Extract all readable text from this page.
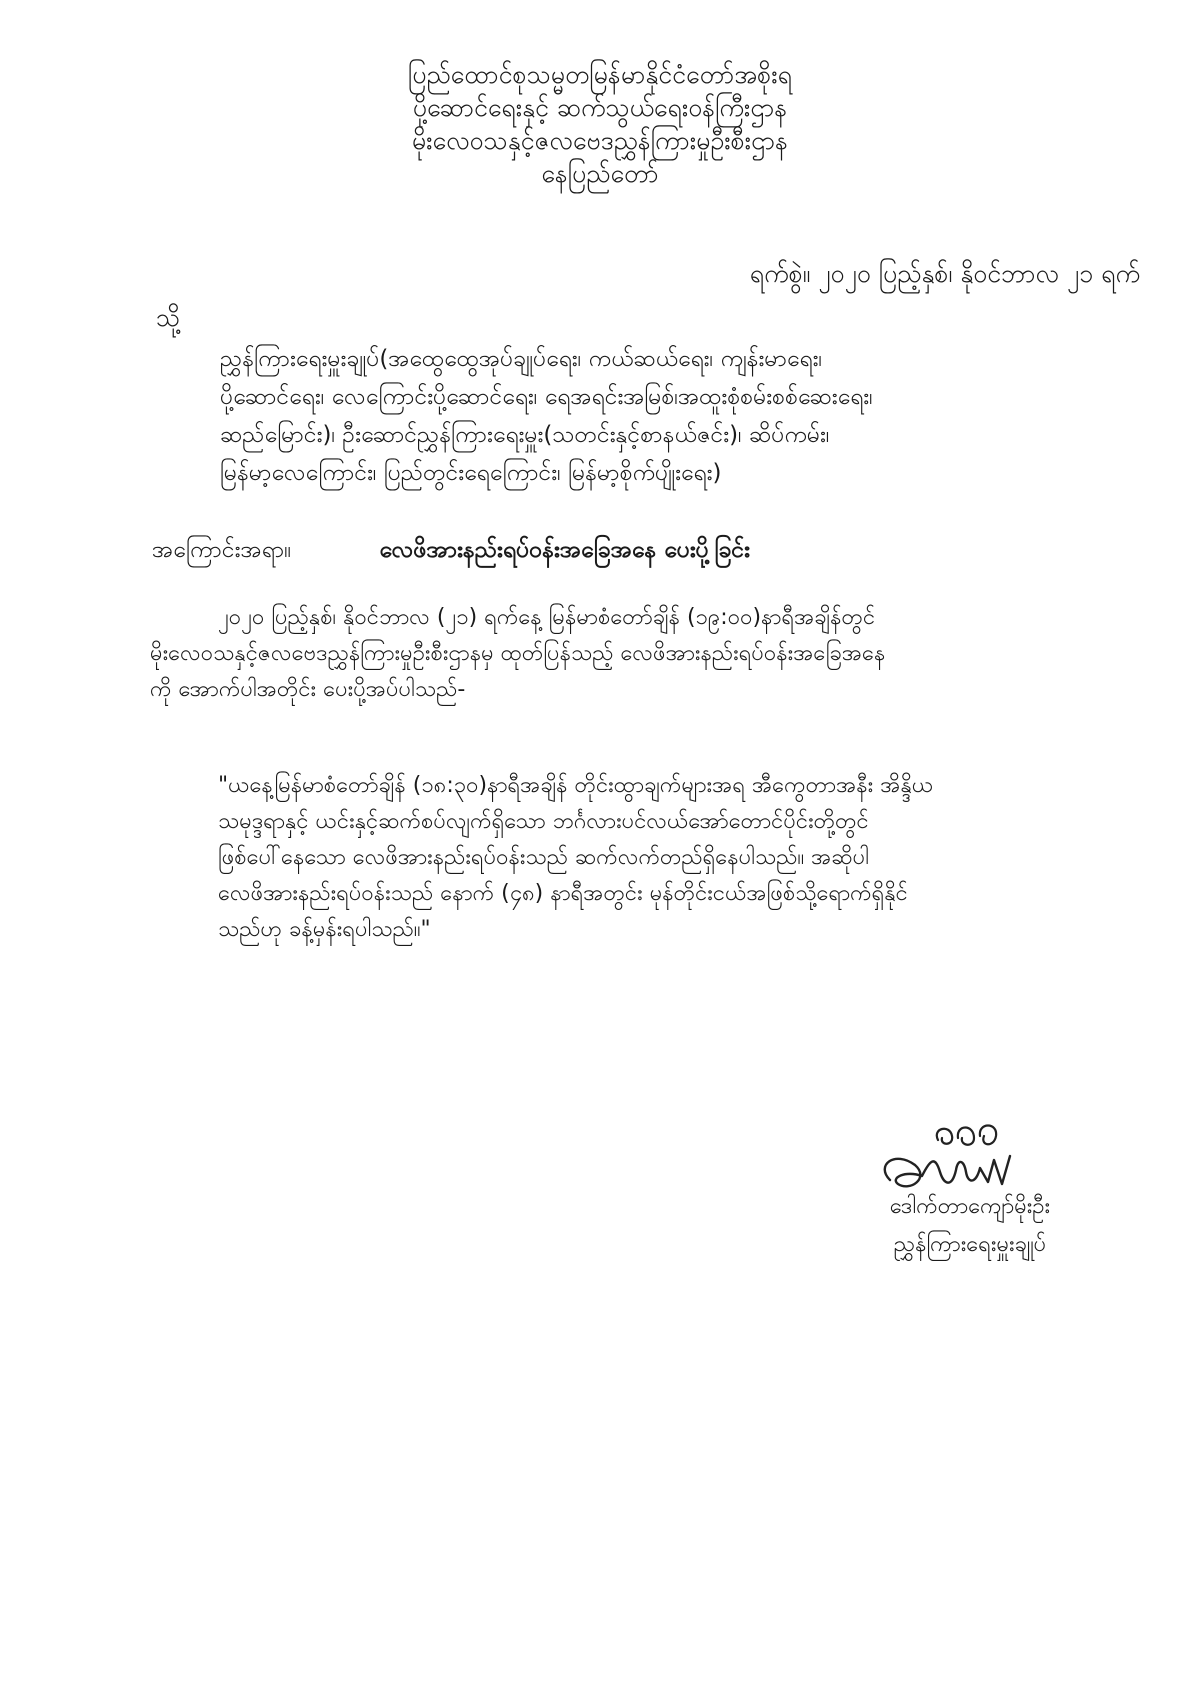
ပြည်ထောင်စုသမ္မတမြန်မာနိုင်ငံတော်အစိုးရ
ပို့ဆောင်ရေးနှင့် ဆက်သွယ်ရေးဝန်ကြီးဌာန
မိုးလေဝသနှင့်ဇလဗေဒညွှန်ကြားမှုဦးစီးဌာန
နေပြည်တော်
ရက်စွဲ။ ၂၀၂၀ ပြည့်နှစ်၊ နိုဝင်ဘာလ ၂၁ ရက်
သို့
ညွှန်ကြားရေးမှူးချုပ်(အထွေထွေအုပ်ချုပ်ရေး၊ ကယ်ဆယ်ရေး၊ ကျန်းမာရေး၊
ပို့ဆောင်ရေး၊ လေကြောင်းပို့ဆောင်ရေး၊ ရေအရင်းအမြစ်၊အထူးစုံစမ်းစစ်ဆေးရေး၊
ဆည်မြောင်း)၊ ဦးဆောင်ညွှန်ကြားရေးမှူး(သတင်းနှင့်စာနယ်ဇင်း)၊ ဆိပ်ကမ်း၊
မြန်မာ့လေကြောင်း၊ ပြည်တွင်းရေကြောင်း၊ မြန်မာ့စိုက်ပျိုးရေး)
အကြောင်းအရာ။	လေဖိအားနည်းရပ်ဝန်းအခြေအနေ ပေးပို့ခြင်း
၂၀၂၀ ပြည့်နှစ်၊ နိုဝင်ဘာလ (၂၁) ရက်နေ့ မြန်မာစံတော်ချိန် (၁၉:၀၀)နာရီအချိန်တွင်
မိုးလေဝသနှင့်ဇလဗေဒညွှန်ကြားမှုဦးစီးဌာနမှ ထုတ်ပြန်သည့် လေဖိအားနည်းရပ်ဝန်းအခြေအနေ
ကို အောက်ပါအတိုင်း ပေးပို့အပ်ပါသည်-
"ယနေ့မြန်မာစံတော်ချိန် (၁၈:၃၀)နာရီအချိန် တိုင်းထွာချက်များအရ အီကွေတာအနီး အိန္ဒိယ
သမုဒ္ဒရာနှင့် ယင်းနှင့်ဆက်စပ်လျက်ရှိသော ဘင်္ဂလားပင်လယ်အော်တောင်ပိုင်းတို့တွင်
ဖြစ်ပေါ်နေသော လေဖိအားနည်းရပ်ဝန်းသည် ဆက်လက်တည်ရှိနေပါသည်။ အဆိုပါ
လေဖိအားနည်းရပ်ဝန်းသည် နောက် (၄၈) နာရီအတွင်း မုန်တိုင်းငယ်အဖြစ်သို့ရောက်ရှိနိုင်
သည်ဟု ခန့်မှန်းရပါသည်။"
ဒေါက်တာကျော်မိုးဦး
ညွှန်ကြားရေးမှူးချုပ်
